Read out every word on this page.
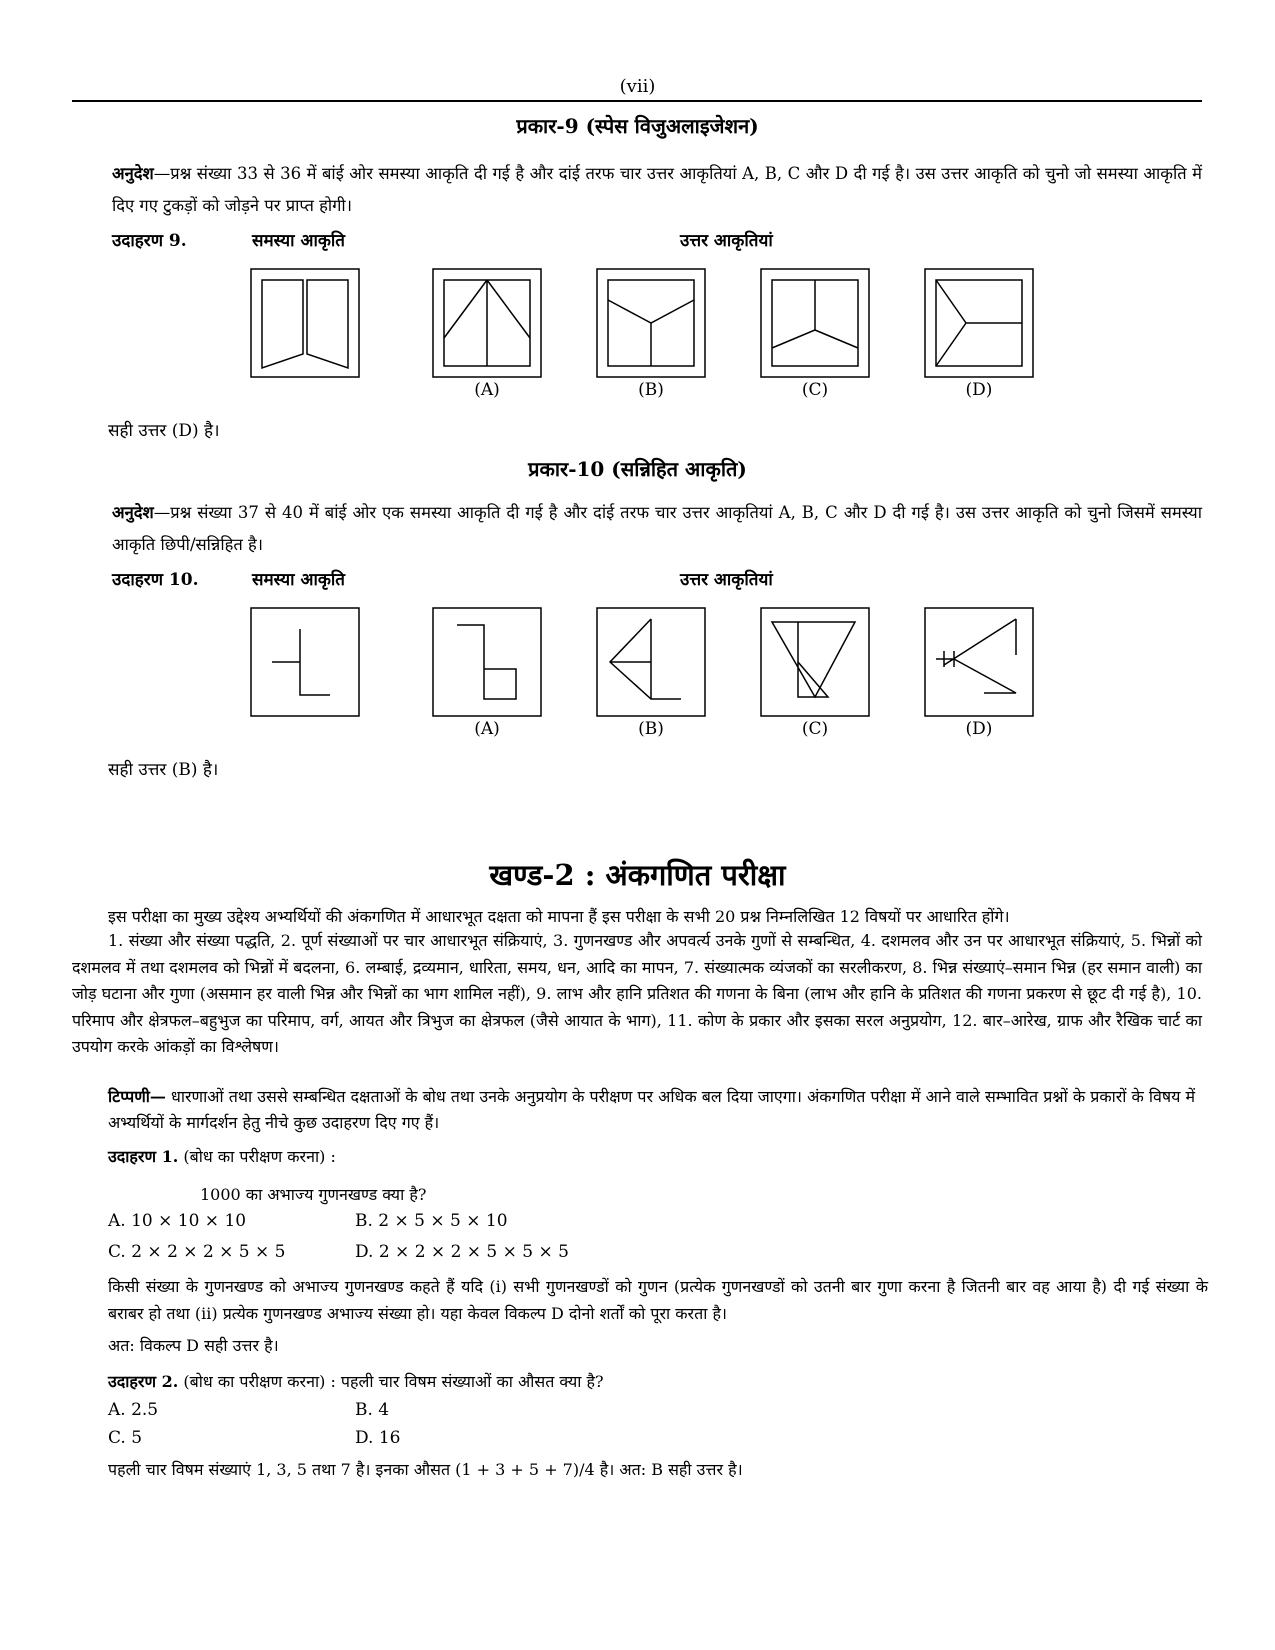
(vii)
प्रकार-9 (स्पेस विजुअलाइजेशन)
अनुदेश—प्रश्न संख्या 33 से 36 में बांई ओर समस्या आकृति दी गई है और दांई तरफ चार उत्तर आकृतियां A, B, C और D दी गई है। उस उत्तर आकृति को चुनो जो समस्या आकृति में दिए गए टुकड़ों को जोड़ने पर प्राप्त होगी।
उदाहरण 9.	समस्या आकृति	उत्तर आकृतियां
(A)	(B)	(C)	(D)
सही उत्तर (D) है।
प्रकार-10 (सन्निहित आकृति)
अनुदेश—प्रश्न संख्या 37 से 40 में बांई ओर एक समस्या आकृति दी गई है और दांई तरफ चार उत्तर आकृतियां A, B, C और D दी गई है। उस उत्तर आकृति को चुनो जिसमें समस्या आकृति छिपी/सन्निहित है।
उदाहरण 10.	समस्या आकृति	उत्तर आकृतियां
(A)	(B)	(C)	(D)
सही उत्तर (B) है।
खण्ड-2 : अंकगणित परीक्षा
इस परीक्षा का मुख्य उद्देश्य अभ्यर्थियों की अंकगणित में आधारभूत दक्षता को मापना हैं इस परीक्षा के सभी 20 प्रश्न निम्नलिखित 12 विषयों पर आधारित होंगे।
1. संख्या और संख्या पद्धति, 2. पूर्ण संख्याओं पर चार आधारभूत संक्रियाएं, 3. गुणनखण्ड और अपवर्त्य उनके गुणों से सम्बन्धित, 4. दशमलव और उन पर आधारभूत संक्रियाएं, 5. भिन्नों को दशमलव में तथा दशमलव को भिन्नों में बदलना, 6. लम्बाई, द्रव्यमान, धारिता, समय, धन, आदि का मापन, 7. संख्यात्मक व्यंजकों का सरलीकरण, 8. भिन्न संख्याएं–समान भिन्न (हर समान वाली) का जोड़ घटाना और गुणा (असमान हर वाली भिन्न और भिन्नों का भाग शामिल नहीं), 9. लाभ और हानि प्रतिशत की गणना के बिना (लाभ और हानि के प्रतिशत की गणना प्रकरण से छूट दी गई है), 10. परिमाप और क्षेत्रफल–बहुभुज का परिमाप, वर्ग, आयत और त्रिभुज का क्षेत्रफल (जैसे आयात के भाग), 11. कोण के प्रकार और इसका सरल अनुप्रयोग, 12. बार–आरेख, ग्राफ और रैखिक चार्ट का उपयोग करके आंकड़ों का विश्लेषण।
टिप्पणी— धारणाओं तथा उससे सम्बन्धित दक्षताओं के बोध तथा उनके अनुप्रयोग के परीक्षण पर अधिक बल दिया जाएगा। अंकगणित परीक्षा में आने वाले सम्भावित प्रश्नों के प्रकारों के विषय में अभ्यर्थियों के मार्गदर्शन हेतु नीचे कुछ उदाहरण दिए गए हैं।
उदाहरण 1. (बोध का परीक्षण करना) :
1000 का अभाज्य गुणनखण्ड क्या है?
A. 10 × 10 × 10	B. 2 × 5 × 5 × 10
C. 2 × 2 × 2 × 5 × 5	D. 2 × 2 × 2 × 5 × 5 × 5
किसी संख्या के गुणनखण्ड को अभाज्य गुणनखण्ड कहते हैं यदि (i) सभी गुणनखण्डों को गुणन (प्रत्येक गुणनखण्डों को उतनी बार गुणा करना है जितनी बार वह आया है) दी गई संख्या के बराबर हो तथा (ii) प्रत्येक गुणनखण्ड अभाज्य संख्या हो। यहा केवल विकल्प D दोनो शर्तों को पूरा करता है।
अत: विकल्प D सही उत्तर है।
उदाहरण 2. (बोध का परीक्षण करना) : पहली चार विषम संख्याओं का औसत क्या है?
A. 2.5	B. 4
C. 5	D. 16
पहली चार विषम संख्याएं 1, 3, 5 तथा 7 है। इनका औसत (1 + 3 + 5 + 7)/4 है। अत: B सही उत्तर है।
